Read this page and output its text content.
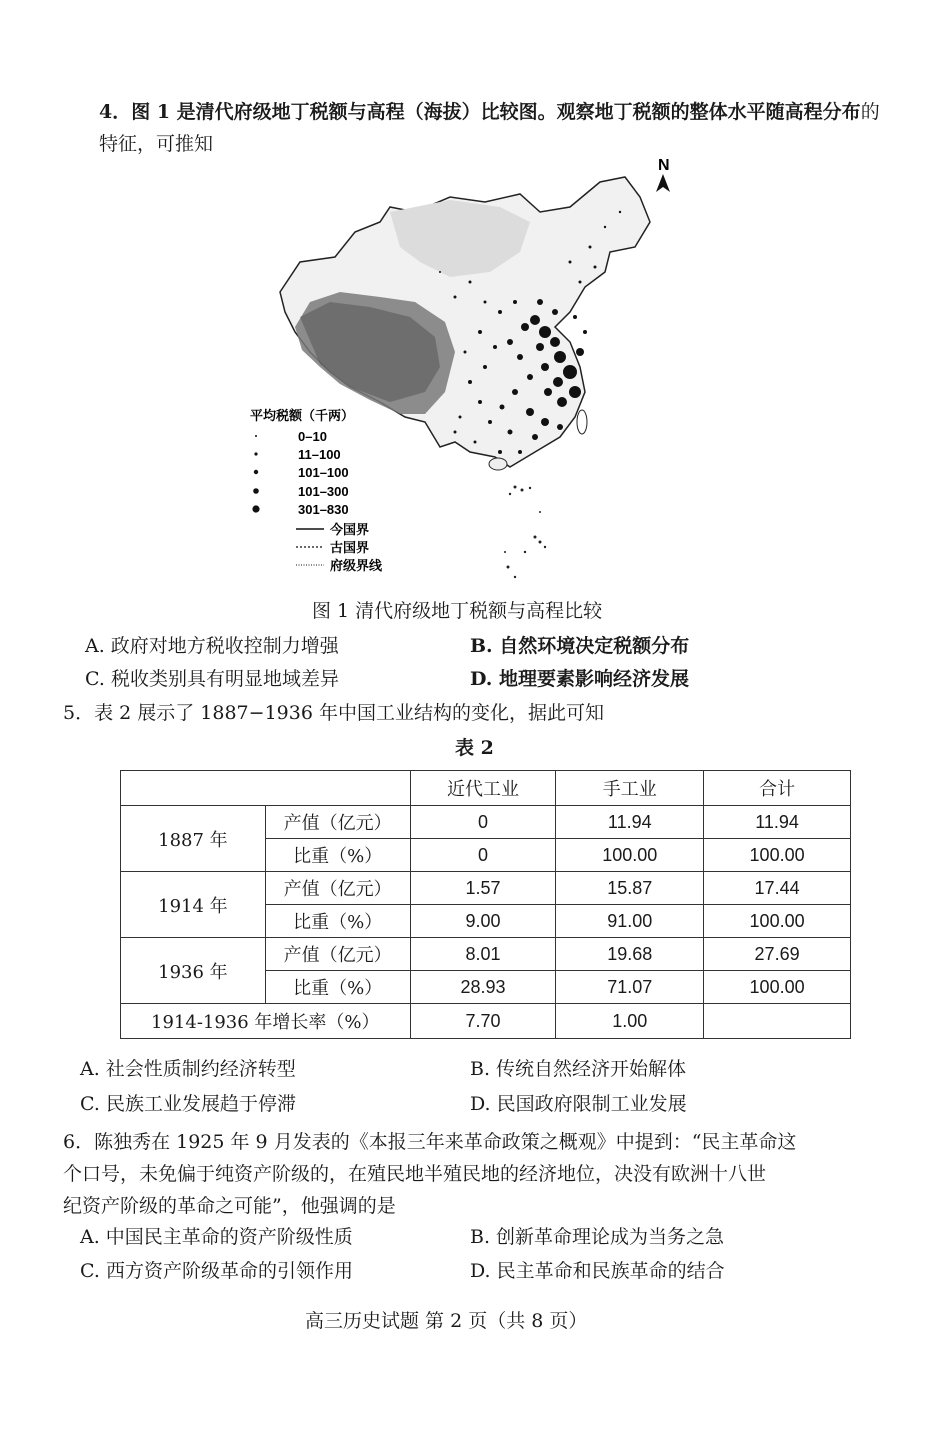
4．图 1 是清代府级地丁税额与高程（海拔）比较图。观察地丁税额的整体水平随高程分布的特征，可推知
N
平均税额（千两）
0–10
11–100
101–100
101–300
301–830
今国界
古国界
府级界线
图 1 清代府级地丁税额与高程比较
A. 政府对地方税收控制力增强	B. 自然环境决定税额分布
C. 税收类别具有明显地域差异	D. 地理要素影响经济发展
5．表 2 展示了 1887−1936 年中国工业结构的变化，据此可知
表 2
		近代工业	手工业	合计
1887 年	产值（亿元）	0	11.94	11.94
	比重（%）	0	100.00	100.00
1914 年	产值（亿元）	1.57	15.87	17.44
	比重（%）	9.00	91.00	100.00
1936 年	产值（亿元）	8.01	19.68	27.69
	比重（%）	28.93	71.07	100.00
1914-1936 年增长率（%）		7.70	1.00	
A. 社会性质制约经济转型	B. 传统自然经济开始解体
C. 民族工业发展趋于停滞	D. 民国政府限制工业发展
6．陈独秀在 1925 年 9 月发表的《本报三年来革命政策之概观》中提到：“民主革命这
个口号，未免偏于纯资产阶级的，在殖民地半殖民地的经济地位，决没有欧洲十八世
纪资产阶级的革命之可能”，他强调的是
A. 中国民主革命的资产阶级性质	B. 创新革命理论成为当务之急
C. 西方资产阶级革命的引领作用	D. 民主革命和民族革命的结合
高三历史试题 第 2 页（共 8 页）
